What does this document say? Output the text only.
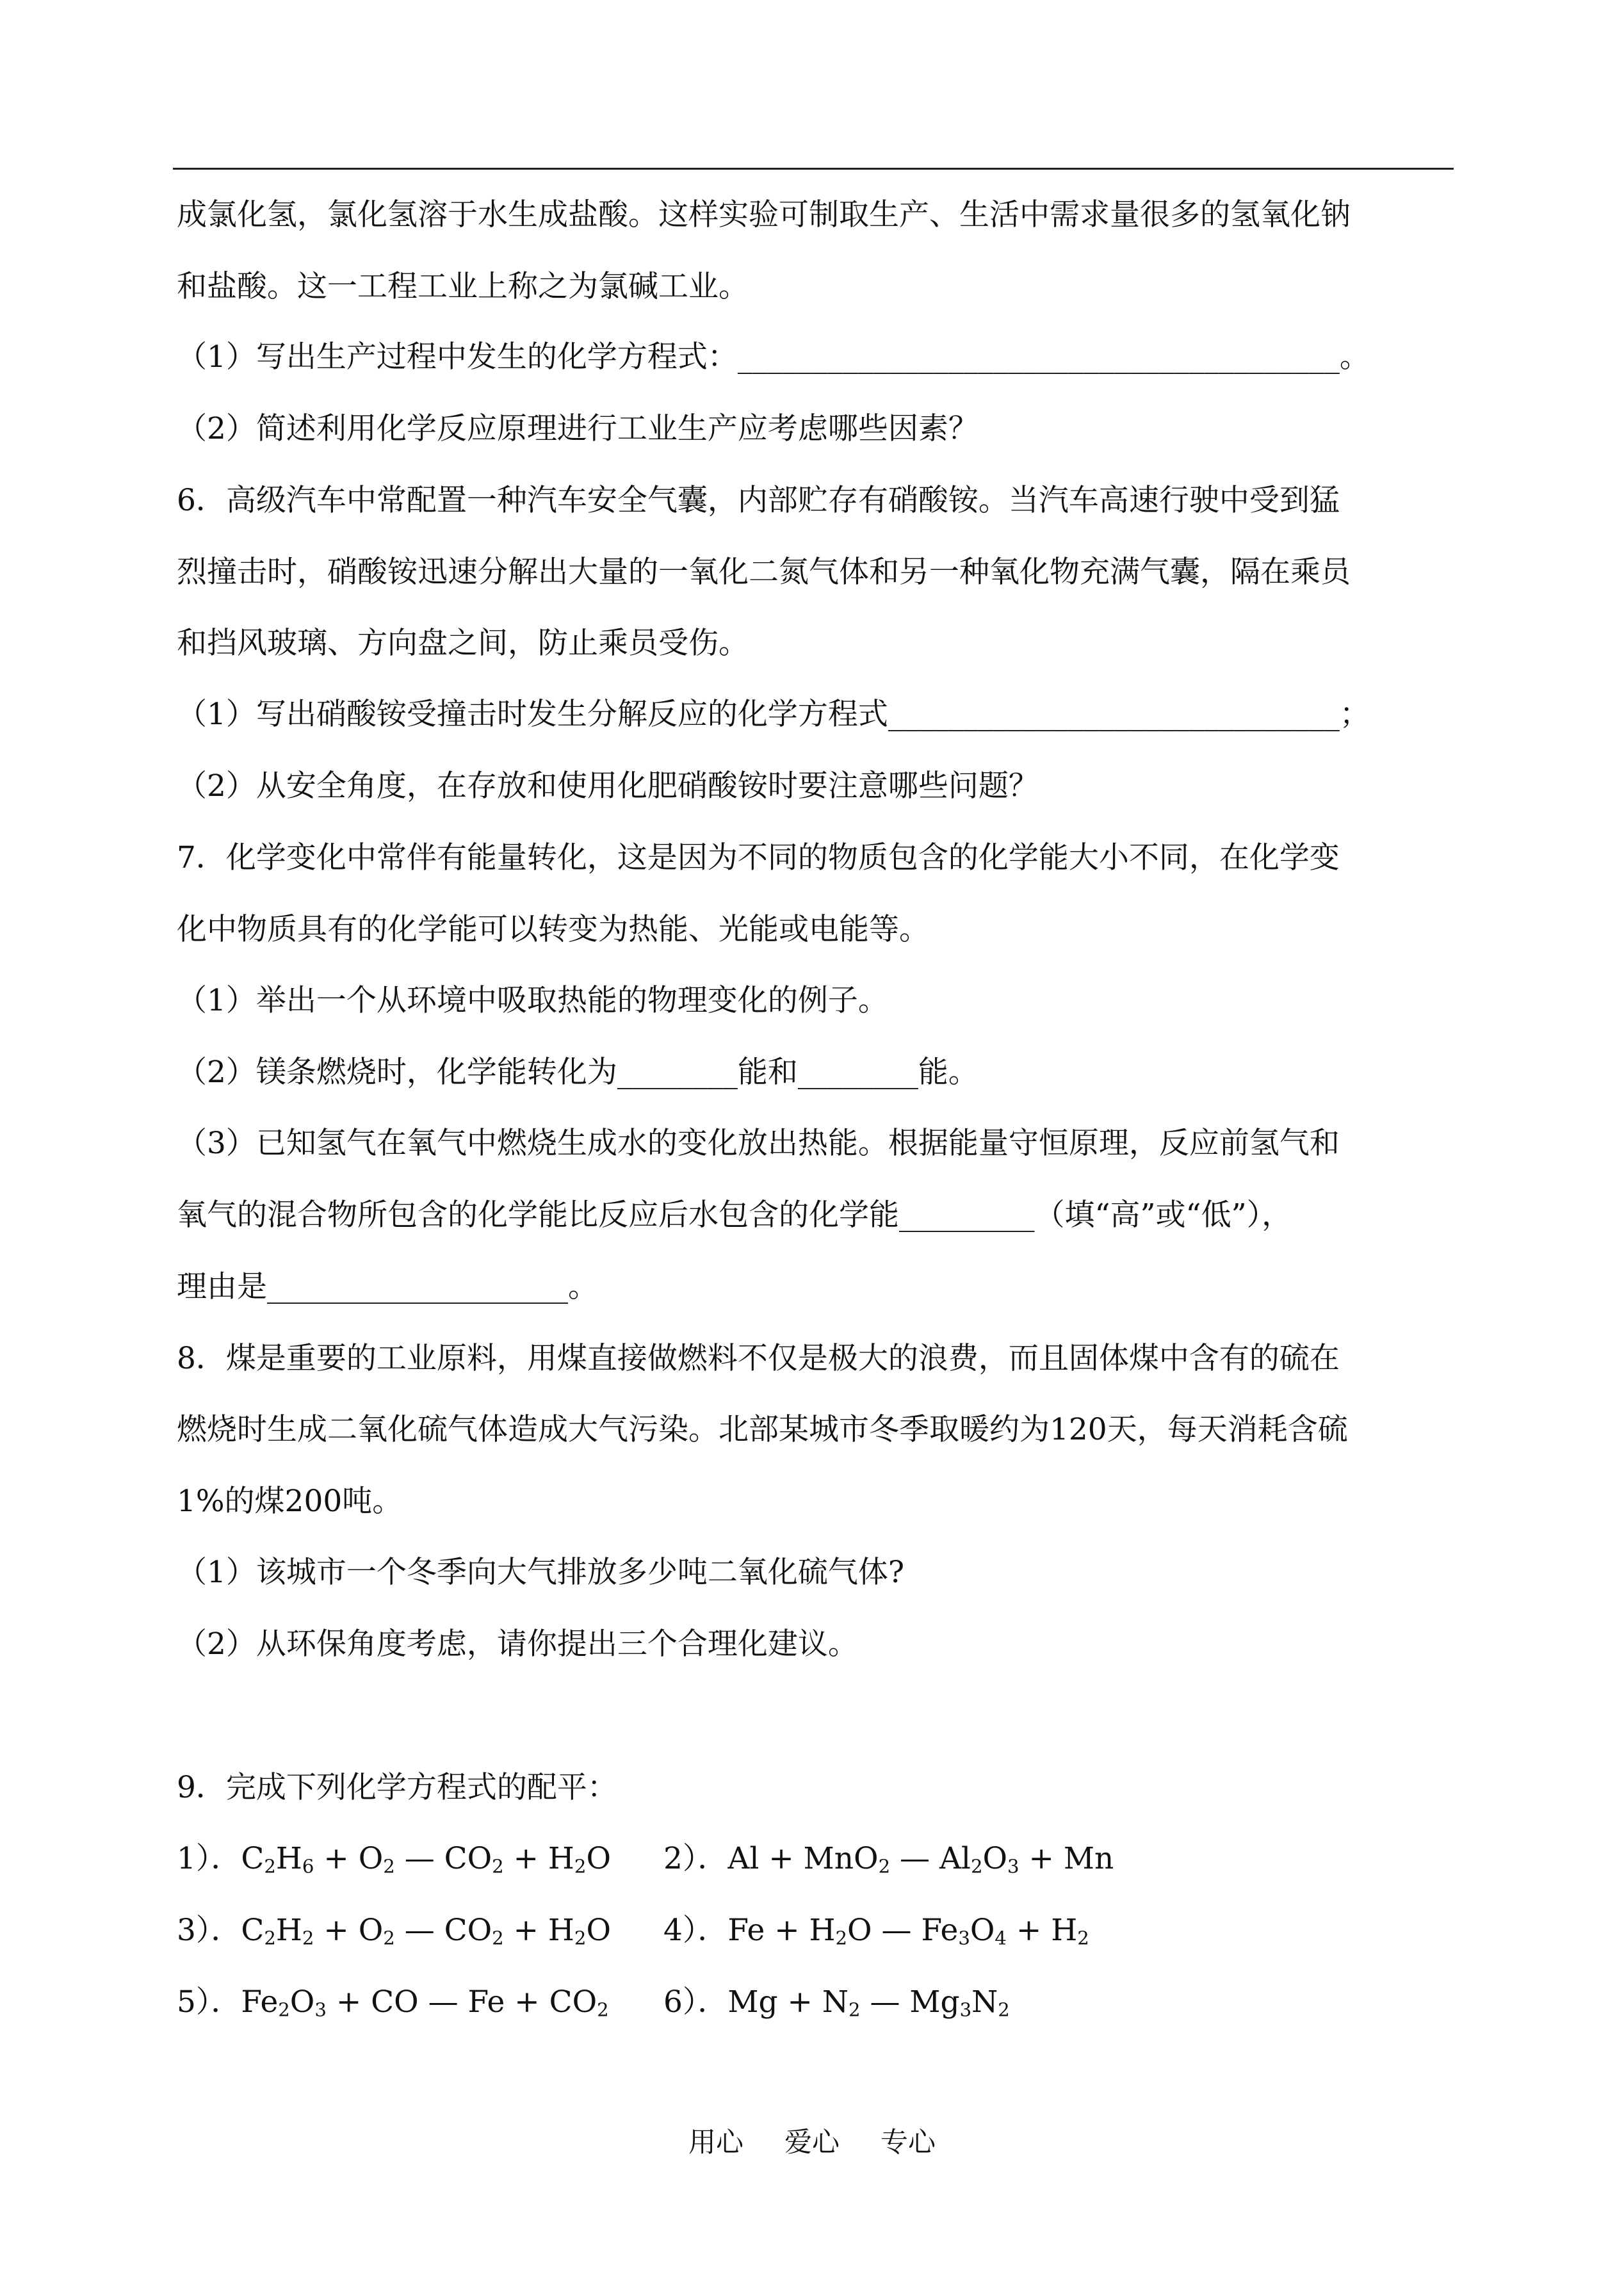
成氯化氢，氯化氢溶于水生成盐酸。这样实验可制取生产、生活中需求量很多的氢氧化钠
和盐酸。这一工程工业上称之为氯碱工业。
（1）写出生产过程中发生的化学方程式：________________________________________。
（2）简述利用化学反应原理进行工业生产应考虑哪些因素？
6．高级汽车中常配置一种汽车安全气囊，内部贮存有硝酸铵。当汽车高速行驶中受到猛
烈撞击时，硝酸铵迅速分解出大量的一氧化二氮气体和另一种氧化物充满气囊，隔在乘员
和挡风玻璃、方向盘之间，防止乘员受伤。
（1）写出硝酸铵受撞击时发生分解反应的化学方程式______________________________；
（2）从安全角度，在存放和使用化肥硝酸铵时要注意哪些问题？
7．化学变化中常伴有能量转化，这是因为不同的物质包含的化学能大小不同，在化学变
化中物质具有的化学能可以转变为热能、光能或电能等。
（1）举出一个从环境中吸取热能的物理变化的例子。
（2）镁条燃烧时，化学能转化为________能和________能。
（3）已知氢气在氧气中燃烧生成水的变化放出热能。根据能量守恒原理，反应前氢气和
氧气的混合物所包含的化学能比反应后水包含的化学能_________（填“高”或“低”），
理由是____________________。
8．煤是重要的工业原料，用煤直接做燃料不仅是极大的浪费，而且固体煤中含有的硫在
燃烧时生成二氧化硫气体造成大气污染。北部某城市冬季取暖约为120天，每天消耗含硫
1%的煤200吨。
（1）该城市一个冬季向大气排放多少吨二氧化硫气体?
（2）从环保角度考虑，请你提出三个合理化建议。
9．完成下列化学方程式的配平：
1）．$C_2H_6 + O_2$ — $CO_2 + H_2O$ 2）．Al + MnO$_2$ — $Al_2O_3 + Mn$
3）．$C_2H_2 + O_2$ — $CO_2 + H_2O$ 4）．$Fe + H_2O$ — $Fe_3O_4 + H_2$
5）．$Fe_2O_3$ + CO — $Fe + CO_2$ 6）．$Mg + N_2$ — $Mg_3N_2$
用心 爱心 专心
